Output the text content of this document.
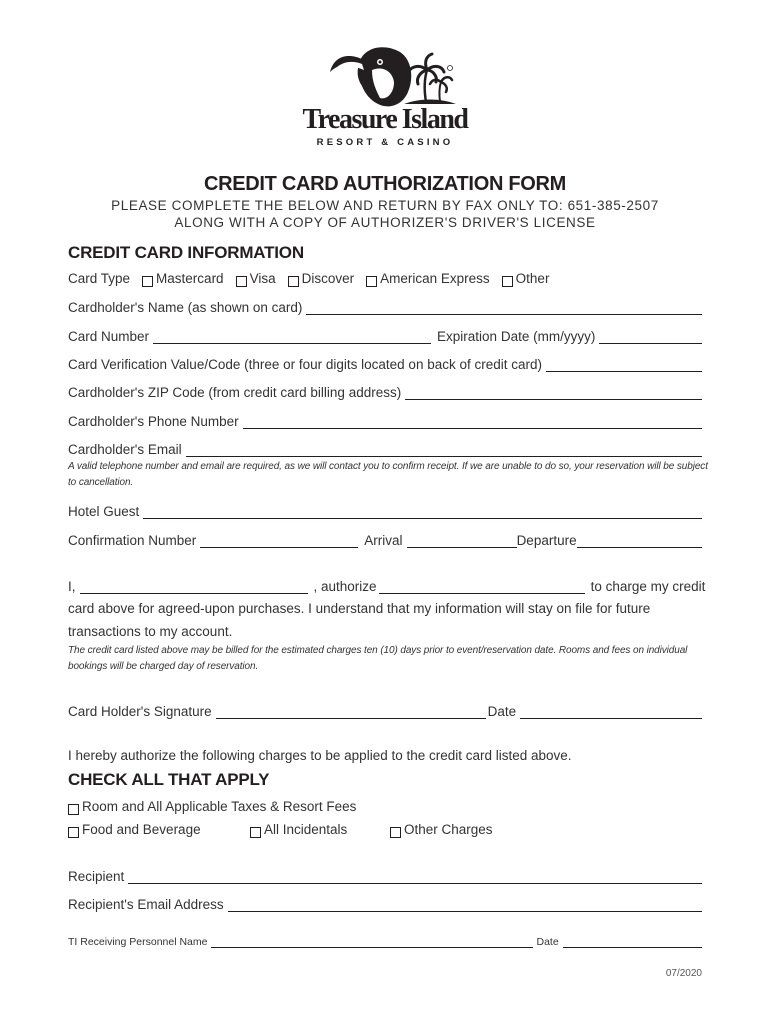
Treasure Island
RESORT & CASINO
CREDIT CARD AUTHORIZATION FORM
PLEASE COMPLETE THE BELOW AND RETURN BY FAX ONLY TO: 651-385-2507
ALONG WITH A COPY OF AUTHORIZER'S DRIVER'S LICENSE
CREDIT CARD INFORMATION
Card Type Mastercard Visa Discover American Express Other
Cardholder's Name (as shown on card)
Card Number	Expiration Date (mm/yyyy)
Card Verification Value/Code (three or four digits located on back of credit card)
Cardholder's ZIP Code (from credit card billing address)
Cardholder's Phone Number
Cardholder's Email
A valid telephone number and email are required, as we will contact you to confirm receipt. If we are unable to do so, your reservation will be subject to cancellation.
Hotel Guest
Confirmation Number	Arrival	Departure
I,	, authorize	to charge my credit
card above for agreed-upon purchases. I understand that my information will stay on file for future
transactions to my account.
The credit card listed above may be billed for the estimated charges ten (10) days prior to event/reservation date. Rooms and fees on individual bookings will be charged day of reservation.
Card Holder's Signature	Date
I hereby authorize the following charges to be applied to the credit card listed above.
CHECK ALL THAT APPLY
Room and All Applicable Taxes & Resort Fees
Food and Beverage	All Incidentals	Other Charges
Recipient
Recipient's Email Address
TI Receiving Personnel Name	Date
07/2020
